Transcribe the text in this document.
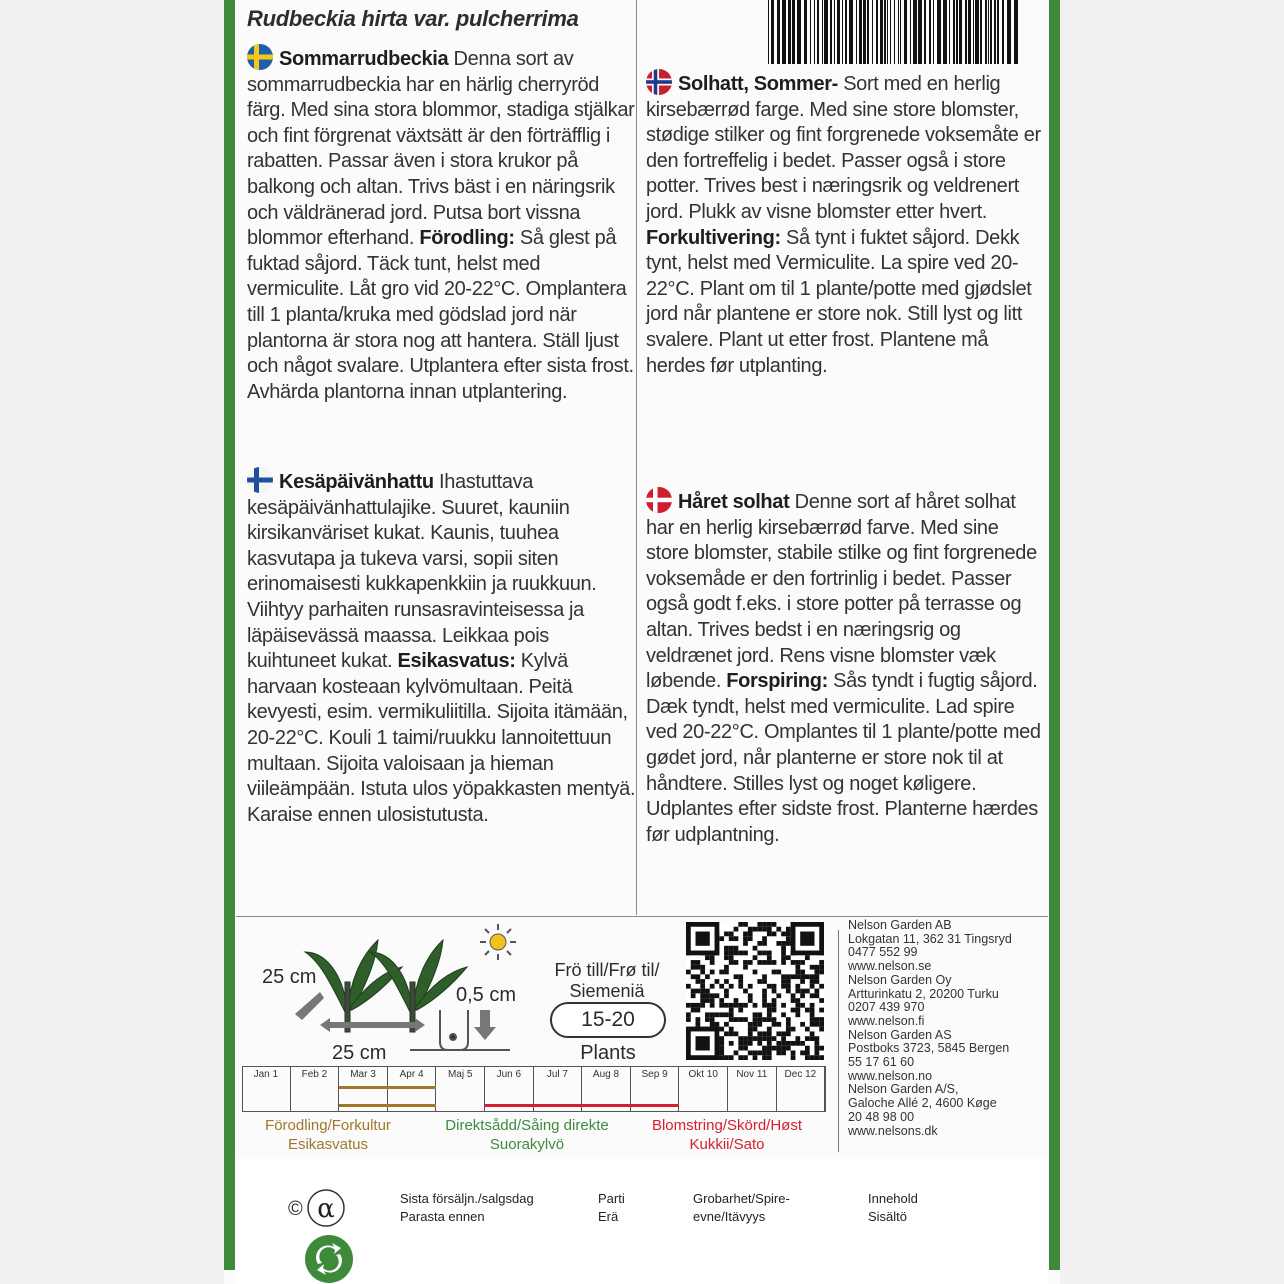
Rudbeckia hirta var. pulcherrima
Sommarrudbeckia Denna sort av sommarrudbeckia har en härlig cherryröd färg. Med sina stora blommor, stadiga stjälkar och fint förgrenat växtsätt är den förträfflig i rabatten. Passar även i stora krukor på balkong och altan. Trivs bäst i en näringsrik och väldränerad jord. Putsa bort vissna blommor efterhand. Förodling: Så glest på fuktad såjord. Täck tunt, helst med vermiculite. Låt gro vid 20-22°C. Omplantera till 1 planta/kruka med gödslad jord när plantorna är stora nog att hantera. Ställ ljust och något svalare. Utplantera efter sista frost. Avhärda plantorna innan utplantering.
Solhatt, Sommer- Sort med en herlig kirsebærrød farge. Med sine store blomster, stødige stilker og fint forgrenede voksemåte er den fortreffelig i bedet. Passer også i store potter. Trives best i næringsrik og veldrenert jord. Plukk av visne blomster etter hvert. Forkultivering: Så tynt i fuktet såjord. Dekk tynt, helst med Vermiculite. La spire ved 20-22°C. Plant om til 1 plante/potte med gjødslet jord når plantene er store nok. Still lyst og litt svalere. Plant ut etter frost. Plantene må herdes før utplanting.
Kesäpäivänhattu Ihastuttava kesäpäivänhattulajike. Suuret, kauniin kirsikanväriset kukat. Kaunis, tuuhea kasvutapa ja tukeva varsi, sopii siten erinomaisesti kukkapenkkiin ja ruukkuun. Viihtyy parhaiten runsasravinteisessa ja läpäisevässä maassa. Leikkaa pois kuihtuneet kukat. Esikasvatus: Kylvä harvaan kosteaan kylvömultaan. Peitä kevyesti, esim. vermikuliitilla. Sijoita itämään, 20-22°C. Kouli 1 taimi/ruukku lannoitettuun multaan. Sijoita valoisaan ja hieman viileämpään. Istuta ulos yöpakkasten mentyä. Karaise ennen ulosistutusta.
Håret solhat Denne sort af håret solhat har en herlig kirsebærrød farve. Med sine store blomster, stabile stilke og fint forgrenede voksemåde er den fortrinlig i bedet. Passer også godt f.eks. i store potter på terrasse og altan. Trives bedst i en næringsrig og veldrænet jord. Rens visne blomster væk løbende. Forspiring: Sås tyndt i fugtig såjord. Dæk tyndt, helst med vermiculite. Lad spire ved 20-22°C. Omplantes til 1 plante/potte med gødet jord, når planterne er store nok til at håndtere. Stilles lyst og noget køligere. Udplantes efter sidste frost. Planterne hærdes før udplantning.
25 cm
25 cm
0,5 cm
Frö till/Frø til/
Siemeniä
15-20
Plants
Jan 1	Feb 2	Mar 3	Apr 4	Maj 5	Jun 6	Jul 7	Aug 8	Sep 9	Okt 10	Nov 11	Dec 12
Förodling/Forkultur
Esikasvatus
Direktsådd/Såing direkte
Suorakylvö
Blomstring/Skörd/Høst
Kukkii/Sato
Nelson Garden AB
Lokgatan 11, 362 31 Tingsryd
0477 552 99
www.nelson.se
Nelson Garden Oy
Artturinkatu 2, 20200 Turku
0207 439 970
www.nelson.fi
Nelson Garden AS
Postboks 3723, 5845 Bergen
55 17 61 60
www.nelson.no
Nelson Garden A/S,
Galoche Allé 2, 4600 Køge
20 48 98 00
www.nelsons.dk
© α	Sista försäljn./salgsdag
Parasta ennen
Parti
Erä
Grobarhet/Spire-
evne/Itävyys
Innehold
Sisältö
